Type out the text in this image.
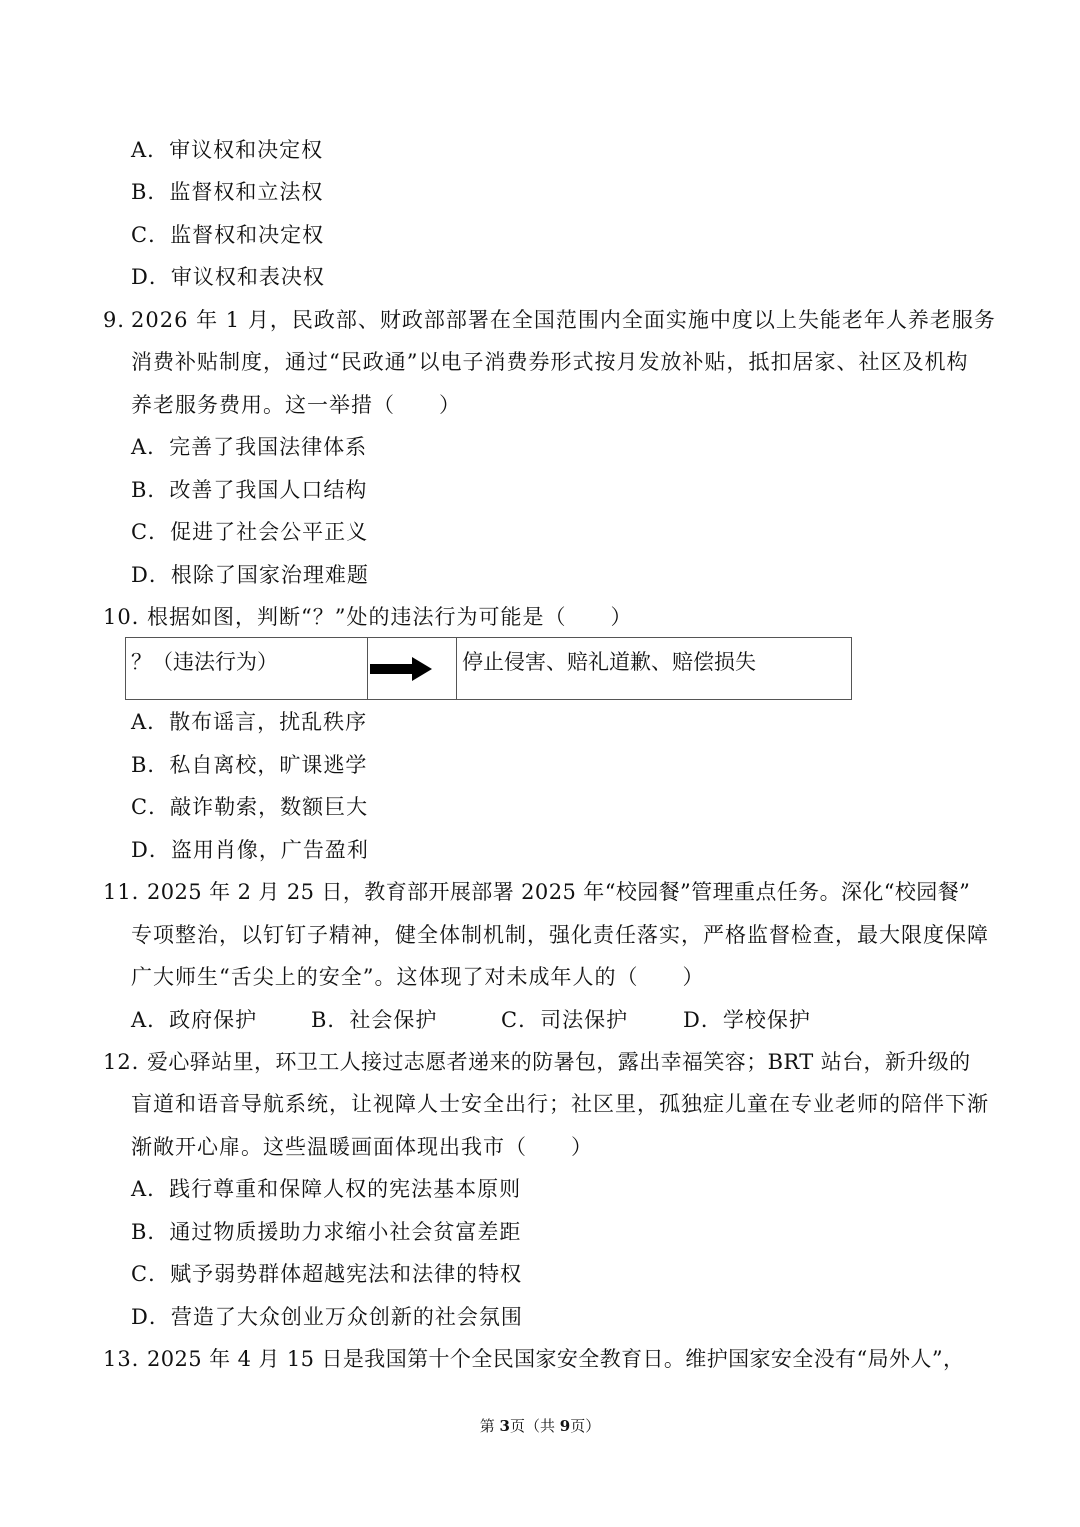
A．审议权和决定权
B．监督权和立法权
C．监督权和决定权
D．审议权和表决权
9．
2026 年 1 月，民政部、财政部部署在全国范围内全面实施中度以上失能老年人养老服务
消费补贴制度，通过“民政通”以电子消费券形式按月发放补贴，抵扣居家、社区及机构
养老服务费用。这一举措（　　）
A．完善了我国法律体系
B．改善了我国人口结构
C．促进了社会公平正义
D．根除了国家治理难题
10．
根据如图，判断“？”处的违法行为可能是（　　）
？（违法行为）		停止侵害、赔礼道歉、赔偿损失
A．散布谣言，扰乱秩序
B．私自离校，旷课逃学
C．敲诈勒索，数额巨大
D．盗用肖像，广告盈利
11．
2025 年 2 月 25 日，教育部开展部署 2025 年“校园餐”管理重点任务。深化“校园餐”
专项整治，以钉钉子精神，健全体制机制，强化责任落实，严格监督检查，最大限度保障
广大师生“舌尖上的安全”。这体现了对未成年人的（　　）
A．政府保护	B．社会保护	C．司法保护	D．学校保护
12．
爱心驿站里，环卫工人接过志愿者递来的防暑包，露出幸福笑容；BRT 站台，新升级的
盲道和语音导航系统，让视障人士安全出行；社区里，孤独症儿童在专业老师的陪伴下渐
渐敞开心扉。这些温暖画面体现出我市（　　）
A．践行尊重和保障人权的宪法基本原则
B．通过物质援助力求缩小社会贫富差距
C．赋予弱势群体超越宪法和法律的特权
D．营造了大众创业万众创新的社会氛围
13．
2025 年 4 月 15 日是我国第十个全民国家安全教育日。维护国家安全没有“局外人”，
第 3页（共 9页）
